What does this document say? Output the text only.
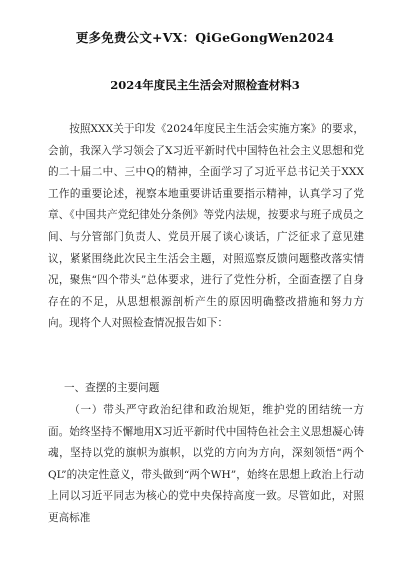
更多免费公文+VX：QiGeGongWen2024
2024年度民主生活会对照检查材料3
按照XXX关于印发《2024年度民主生活会实施方案》的要求，会前，我深入学习领会了X习近平新时代中国特色社会主义思想和党的二十届二中、三中Q的精神，全面学习了习近平总书记关于XXX工作的重要论述，视察本地重要讲话重要指示精神，认真学习了党章、《中国共产党纪律处分条例》等党内法规，按要求与班子成员之间、与分管部门负责人、党员开展了谈心谈话，广泛征求了意见建议，紧紧围绕此次民主生活会主题，对照巡察反馈问题整改落实情况，聚焦“四个带头”总体要求，进行了党性分析，全面查摆了自身存在的不足，从思想根源剖析产生的原因明确整改措施和努力方向。现将个人对照检查情况报告如下：
一、查摆的主要问题
（一）带头严守政治纪律和政治规矩，维护党的团结统一方面。始终坚持不懈地用X习近平新时代中国特色社会主义思想凝心铸魂，坚持以党的旗帜为旗帜，以党的方向为方向，深刻领悟“两个QL”的决定性意义，带头做到“两个WH”，始终在思想上政治上行动上同以习近平同志为核心的党中央保持高度一致。尽管如此，对照更高标准
